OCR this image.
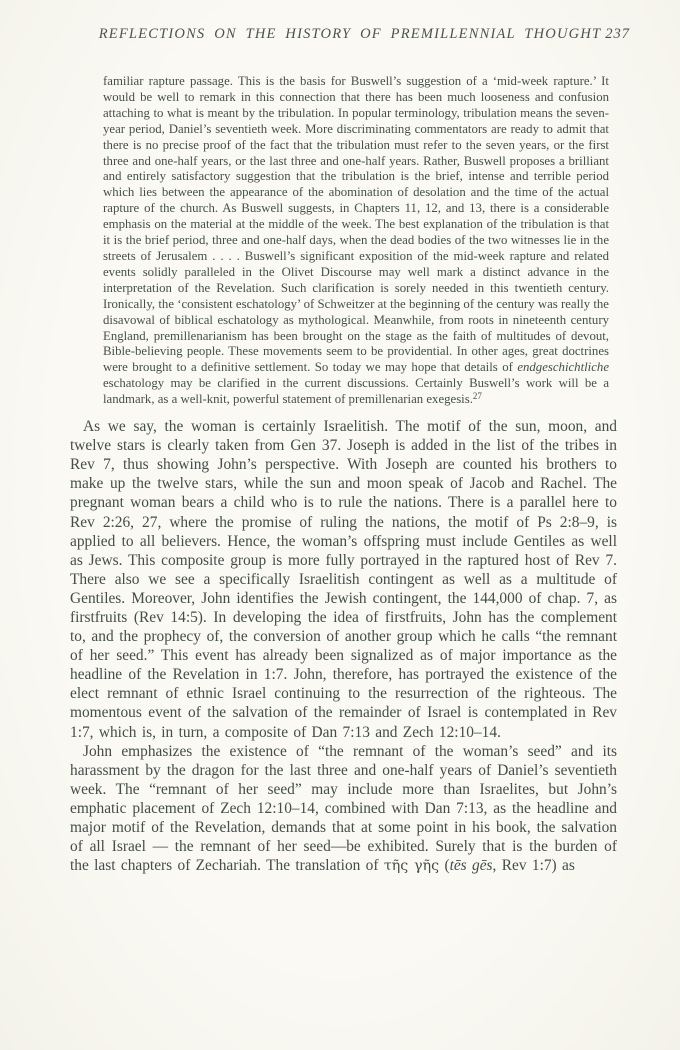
REFLECTIONS ON THE HISTORY OF PREMILLENNIAL THOUGHT 237
familiar rapture passage. This is the basis for Buswell’s suggestion of a ‘mid-week rapture.’ It would be well to remark in this connection that there has been much looseness and confusion attaching to what is meant by the tribulation. In popular terminology, tribulation means the seven-year period, Daniel’s seventieth week. More discriminating commentators are ready to admit that there is no precise proof of the fact that the tribulation must refer to the seven years, or the first three and one-half years, or the last three and one-half years. Rather, Buswell proposes a brilliant and entirely satisfactory suggestion that the tribulation is the brief, intense and terrible period which lies between the appearance of the abomination of desolation and the time of the actual rapture of the church. As Buswell suggests, in Chapters 11, 12, and 13, there is a considerable emphasis on the material at the middle of the week. The best explanation of the tribulation is that it is the brief period, three and one-half days, when the dead bodies of the two witnesses lie in the streets of Jerusalem . . . . Buswell’s significant exposition of the mid-week rapture and related events solidly paralleled in the Olivet Discourse may well mark a distinct advance in the interpretation of the Revelation. Such clarification is sorely needed in this twentieth century. Ironically, the ‘consistent eschatology’ of Schweitzer at the beginning of the century was really the disavowal of biblical eschatology as mythological. Meanwhile, from roots in nineteenth century England, premillenarianism has been brought on the stage as the faith of multitudes of devout, Bible-believing people. These movements seem to be providential. In other ages, great doctrines were brought to a definitive settlement. So today we may hope that details of endgeschichtliche eschatology may be clarified in the current discussions. Certainly Buswell’s work will be a landmark, as a well-knit, powerful statement of premillenarian exegesis.$^{27}$

As we say, the woman is certainly Israelitish. The motif of the sun, moon, and twelve stars is clearly taken from Gen 37. Joseph is added in the list of the tribes in Rev 7, thus showing John’s perspective. With Joseph are counted his brothers to make up the twelve stars, while the sun and moon speak of Jacob and Rachel. The pregnant woman bears a child who is to rule the nations. There is a parallel here to Rev 2:26, 27, where the promise of ruling the nations, the motif of Ps 2:8–9, is applied to all believers. Hence, the woman’s offspring must include Gentiles as well as Jews. This composite group is more fully portrayed in the raptured host of Rev 7. There also we see a specifically Israelitish contingent as well as a multitude of Gentiles. Moreover, John identifies the Jewish contingent, the 144,000 of chap. 7, as firstfruits (Rev 14:5). In developing the idea of firstfruits, John has the complement to, and the prophecy of, the conversion of another group which he calls “the remnant of her seed.” This event has already been signalized as of major importance as the headline of the Revelation in 1:7. John, therefore, has portrayed the existence of the elect remnant of ethnic Israel continuing to the resurrection of the righteous. The momentous event of the salvation of the remainder of Israel is contemplated in Rev 1:7, which is, in turn, a composite of Dan 7:13 and Zech 12:10–14.

John emphasizes the existence of “the remnant of the woman’s seed” and its harassment by the dragon for the last three and one-half years of Daniel’s seventieth week. The “remnant of her seed” may include more than Israelites, but John’s emphatic placement of Zech 12:10–14, combined with Dan 7:13, as the headline and major motif of the Revelation, demands that at some point in his book, the salvation of all Israel — the remnant of her seed—be exhibited. Surely that is the burden of the last chapters of Zechariah. The translation of τῆς γῆς (tēs gēs, Rev 1:7) as
